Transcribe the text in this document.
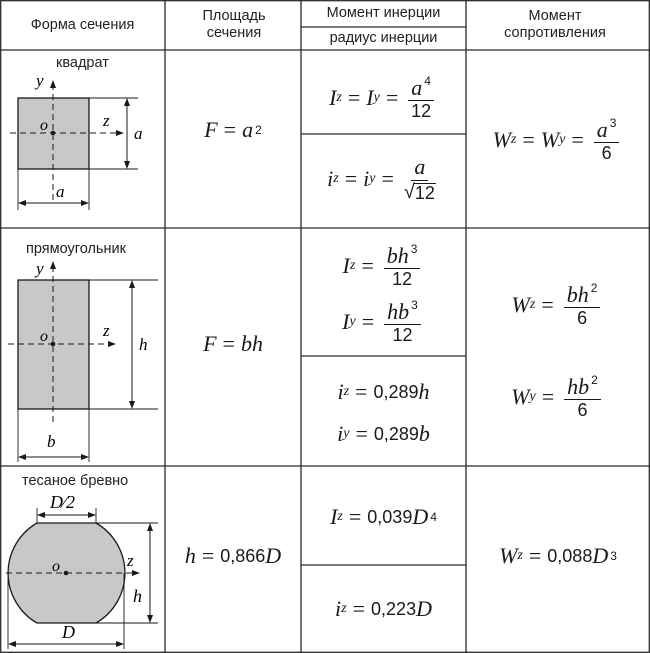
Форма сечения
Площадь сечения
Момент инерции
радиус инерции
Момент сопротивления
квадрат
y
z
o	a
a
F = a 2
I z = I $y = \frac{a ^4}{12}$
i z = i $y = \frac{a}{√ 12}$
W z = W $y = \frac{a ^3}{6}$
прямоугольник
y
z
o	h
b
F = bh
I $z = \frac{bh ^3}{12}$
I $y = \frac{hb ^3}{12}$
i z = 0,289 h
i y = 0,289 b
W $z = \frac{bh ^2}{6}$
W $y = \frac{hb ^2}{6}$
тесаное бревно
D⁄2
z
o
h
D
h = 0,866 D
I z = 0,039 D 4
i z = 0,223 D
W z = 0,088 D 3
